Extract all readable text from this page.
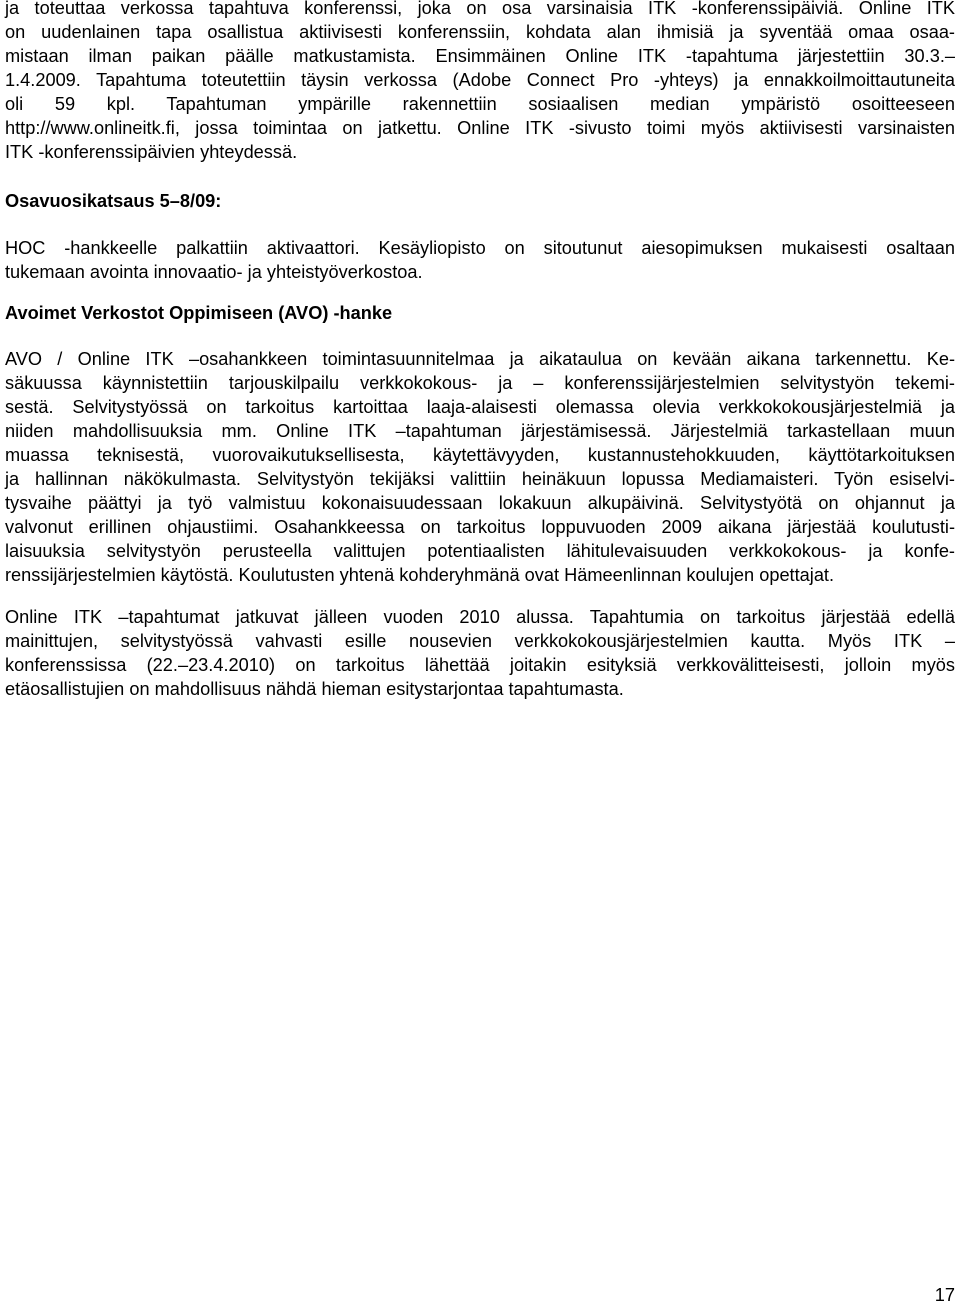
ja toteuttaa verkossa tapahtuva konferenssi, joka on osa varsinaisia ITK -konferenssipäiviä. Online ITK
on uudenlainen tapa osallistua aktiivisesti konferenssiin, kohdata alan ihmisiä ja syventää omaa osaa-
mistaan ilman paikan päälle matkustamista. Ensimmäinen Online ITK -tapahtuma järjestettiin 30.3.–
1.4.2009. Tapahtuma toteutettiin täysin verkossa (Adobe Connect Pro -yhteys) ja ennakkoilmoittautuneita
oli 59 kpl. Tapahtuman ympärille rakennettiin sosiaalisen median ympäristö osoitteeseen
http://www.onlineitk.fi, jossa toimintaa on jatkettu. Online ITK -sivusto toimi myös aktiivisesti varsinaisten
ITK -konferenssipäivien yhteydessä.
Osavuosikatsaus 5–8/09:
HOC -hankkeelle palkattiin aktivaattori. Kesäyliopisto on sitoutunut aiesopimuksen mukaisesti osaltaan
tukemaan avointa innovaatio- ja yhteistyöverkostoa.
Avoimet Verkostot Oppimiseen (AVO) -hanke
AVO / Online ITK –osahankkeen toimintasuunnitelmaa ja aikataulua on kevään aikana tarkennettu. Ke-
säkuussa käynnistettiin tarjouskilpailu verkkokokous- ja – konferenssijärjestelmien selvitystyön tekemi-
sestä. Selvitystyössä on tarkoitus kartoittaa laaja-alaisesti olemassa olevia verkkokokousjärjestelmiä ja
niiden mahdollisuuksia mm. Online ITK –tapahtuman järjestämisessä. Järjestelmiä tarkastellaan muun
muassa teknisestä, vuorovaikutuksellisesta, käytettävyyden, kustannustehokkuuden, käyttötarkoituksen
ja hallinnan näkökulmasta. Selvitystyön tekijäksi valittiin heinäkuun lopussa Mediamaisteri. Työn esiselvi-
tysvaihe päättyi ja työ valmistuu kokonaisuudessaan lokakuun alkupäivinä. Selvitystyötä on ohjannut ja
valvonut erillinen ohjaustiimi. Osahankkeessa on tarkoitus loppuvuoden 2009 aikana järjestää koulutusti-
laisuuksia selvitystyön perusteella valittujen potentiaalisten lähitulevaisuuden verkkokokous- ja konfe-
renssijärjestelmien käytöstä. Koulutusten yhtenä kohderyhmänä ovat Hämeenlinnan koulujen opettajat.
Online ITK –tapahtumat jatkuvat jälleen vuoden 2010 alussa. Tapahtumia on tarkoitus järjestää edellä
mainittujen, selvitystyössä vahvasti esille nousevien verkkokokousjärjestelmien kautta. Myös ITK –
konferenssissa (22.–23.4.2010) on tarkoitus lähettää joitakin esityksiä verkkovälitteisesti, jolloin myös
etäosallistujien on mahdollisuus nähdä hieman esitystarjontaa tapahtumasta.
17
